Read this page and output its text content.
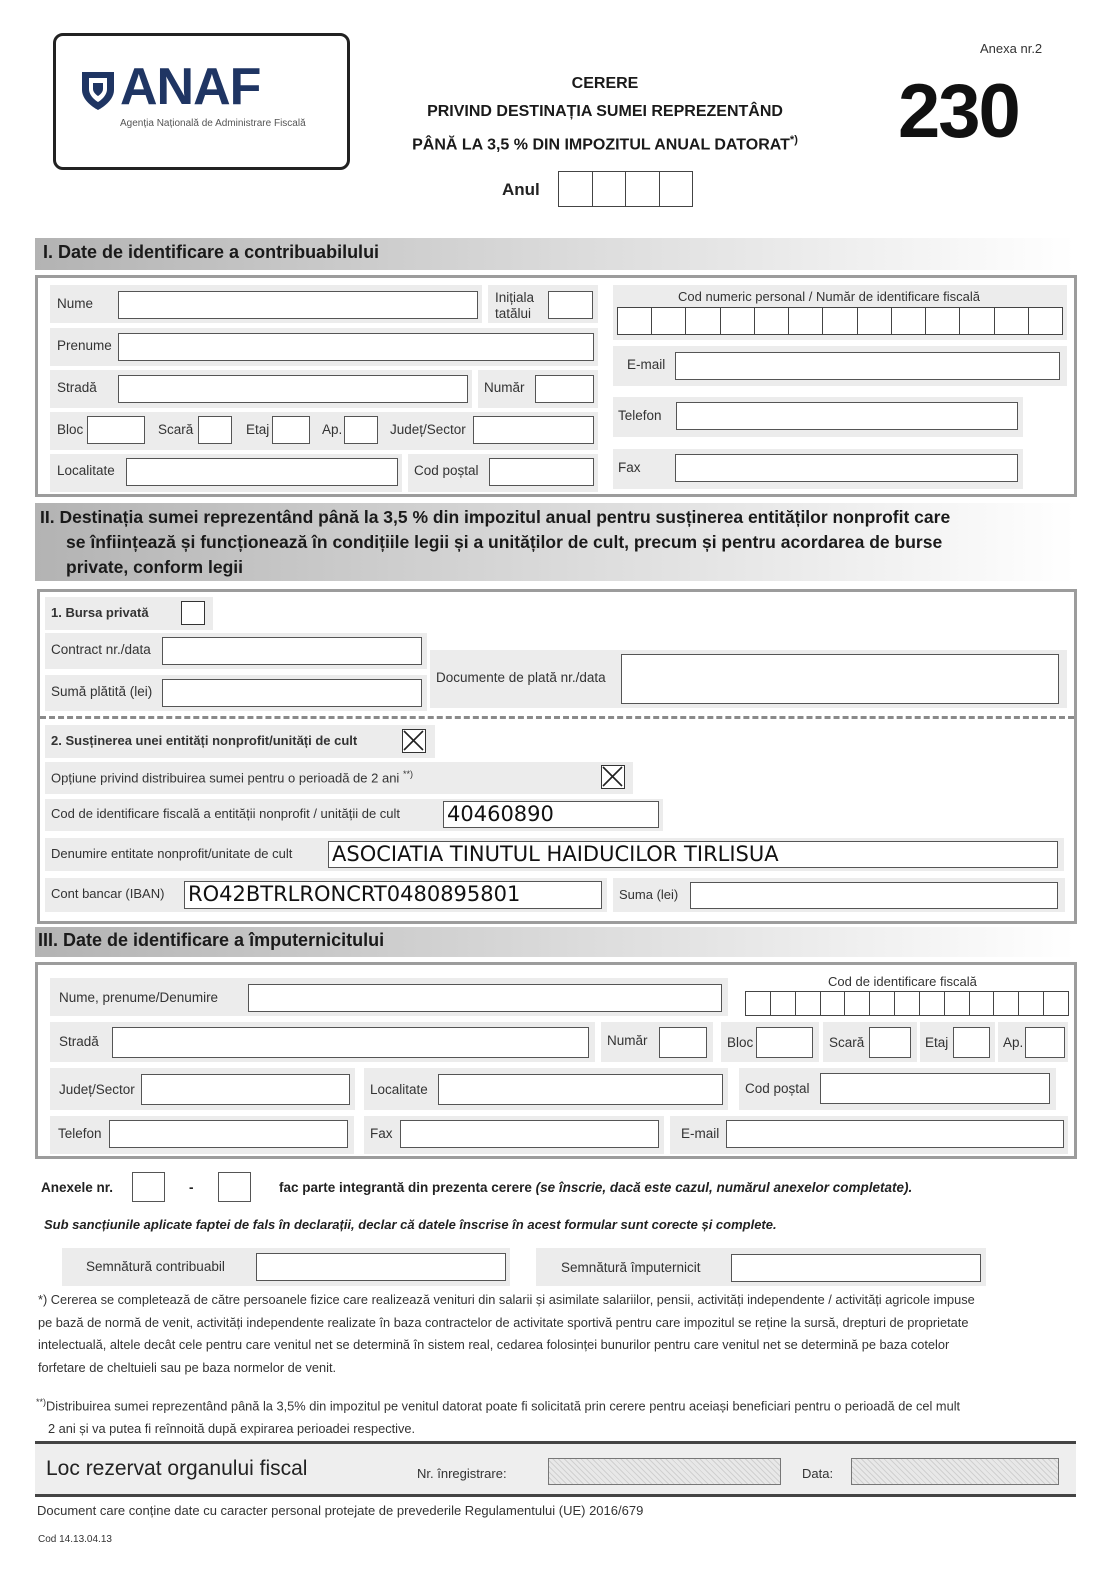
ANAF
Agenția Națională de Administrare Fiscală
CERERE
PRIVIND DESTINAȚIA SUMEI REPREZENTÂND
PÂNĂ LA 3,5 % DIN IMPOZITUL ANUAL DATORAT*)
Anexa nr.2
230
Anul
I. Date de identificare a contribuabilului
Nume	Inițiala
tatălui
Prenume
Stradă	Număr
Bloc	Scară	Etaj	Ap.	Județ/Sector
Localitate	Cod poștal
Cod numeric personal / Număr de identificare fiscală
E-mail
Telefon
Fax
II. Destinația sumei reprezentând până la 3,5 % din impozitul anual pentru susținerea entităților nonprofit care
se înființează și funcționează în condițiile legii și a unităților de cult, precum și pentru acordarea de burse
private, conform legii
1. Bursa privată
Contract nr./data
Sumă plătită (lei)
Documente de plată nr./data
2. Susținerea unei entități nonprofit/unități de cult
Opțiune privind distribuirea sumei pentru o perioadă de 2 ani **)
Cod de identificare fiscală a entității nonprofit / unității de cult 40460890
Denumire entitate nonprofit/unitate de cult ASOCIATIA TINUTUL HAIDUCILOR TIRLISUA
Cont bancar (IBAN) RO42BTRLRONCRT0480895801	Suma (lei)
III. Date de identificare a împuternicitului
Nume, prenume/Denumire
Cod de identificare fiscală
Stradă	Număr	Bloc	Scară	Etaj	Ap.
Județ/Sector	Localitate	Cod poștal
Telefon	Fax	E-mail
Anexele nr.	-	fac parte integrantă din prezenta cerere (se înscrie, dacă este cazul, numărul anexelor completate).
Sub sancțiunile aplicate faptei de fals în declarații, declar că datele înscrise în acest formular sunt corecte și complete.
Semnătură contribuabil	Semnătură împuternicit
*) Cererea se completează de către persoanele fizice care realizează venituri din salarii și asimilate salariilor, pensii, activități independente / activități agricole impuse
pe bază de normă de venit, activități independente realizate în baza contractelor de activitate sportivă pentru care impozitul se reține la sursă, drepturi de proprietate
intelectuală, altele decât cele pentru care venitul net se determină în sistem real, cedarea folosinței bunurilor pentru care venitul net se determină pe baza cotelor
forfetare de cheltuieli sau pe baza normelor de venit.
**)Distribuirea sumei reprezentând până la 3,5% din impozitul pe venitul datorat poate fi solicitată prin cerere pentru aceiași beneficiari pentru o perioadă de cel mult
2 ani și va putea fi reînnoită după expirarea perioadei respective.
Loc rezervat organului fiscal	Nr. înregistrare:	Data:
Document care conține date cu caracter personal protejate de prevederile Regulamentului (UE) 2016/679
Cod 14.13.04.13
